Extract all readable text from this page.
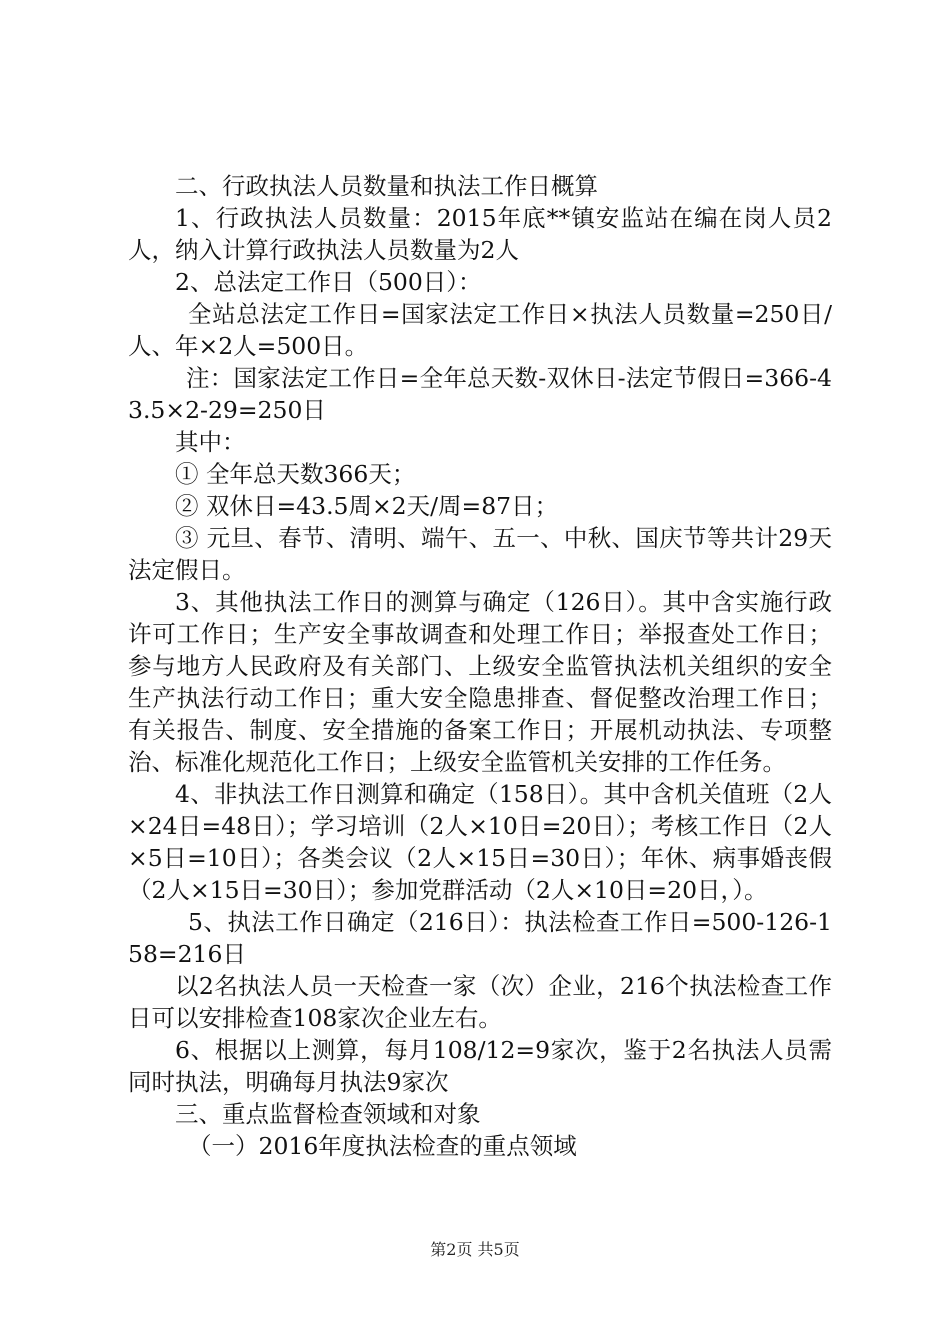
二、行政执法人员数量和执法工作日概算

1、行政执法人员数量：2015年底**镇安监站在编在岗人员2人，纳入计算行政执法人员数量为2人

2、总法定工作日（500日）：

全站总法定工作日=国家法定工作日×执法人员数量=250日/人、年×2人=500日。

注：国家法定工作日=全年总天数-双休日-法定节假日=366-43.5×2-29=250日

其中：

① 全年总天数366天；

② 双休日=43.5周×2天/周=87日；

③ 元旦、春节、清明、端午、五一、中秋、国庆节等共计29天法定假日。

3、其他执法工作日的测算与确定（126日）。其中含实施行政许可工作日；生产安全事故调查和处理工作日；举报查处工作日；参与地方人民政府及有关部门、上级安全监管执法机关组织的安全生产执法行动工作日；重大安全隐患排查、督促整改治理工作日；有关报告、制度、安全措施的备案工作日；开展机动执法、专项整治、标准化规范化工作日；上级安全监管机关安排的工作任务。

4、非执法工作日测算和确定（158日）。其中含机关值班（2人×24日=48日）；学习培训（2人×10日=20日）；考核工作日（2人×5日=10日）；各类会议（2人×15日=30日）；年休、病事婚丧假（2人×15日=30日）；参加党群活动（2人×10日=20日，）。

5、执法工作日确定（216日）：执法检查工作日=500-126-158=216日

以2名执法人员一天检查一家（次）企业，216个执法检查工作日可以安排检查108家次企业左右。

6、根据以上测算，每月108/12=9家次，鉴于2名执法人员需同时执法，明确每月执法9家次

三、重点监督检查领域和对象

（一）2016年度执法检查的重点领域

第2页 共5页
